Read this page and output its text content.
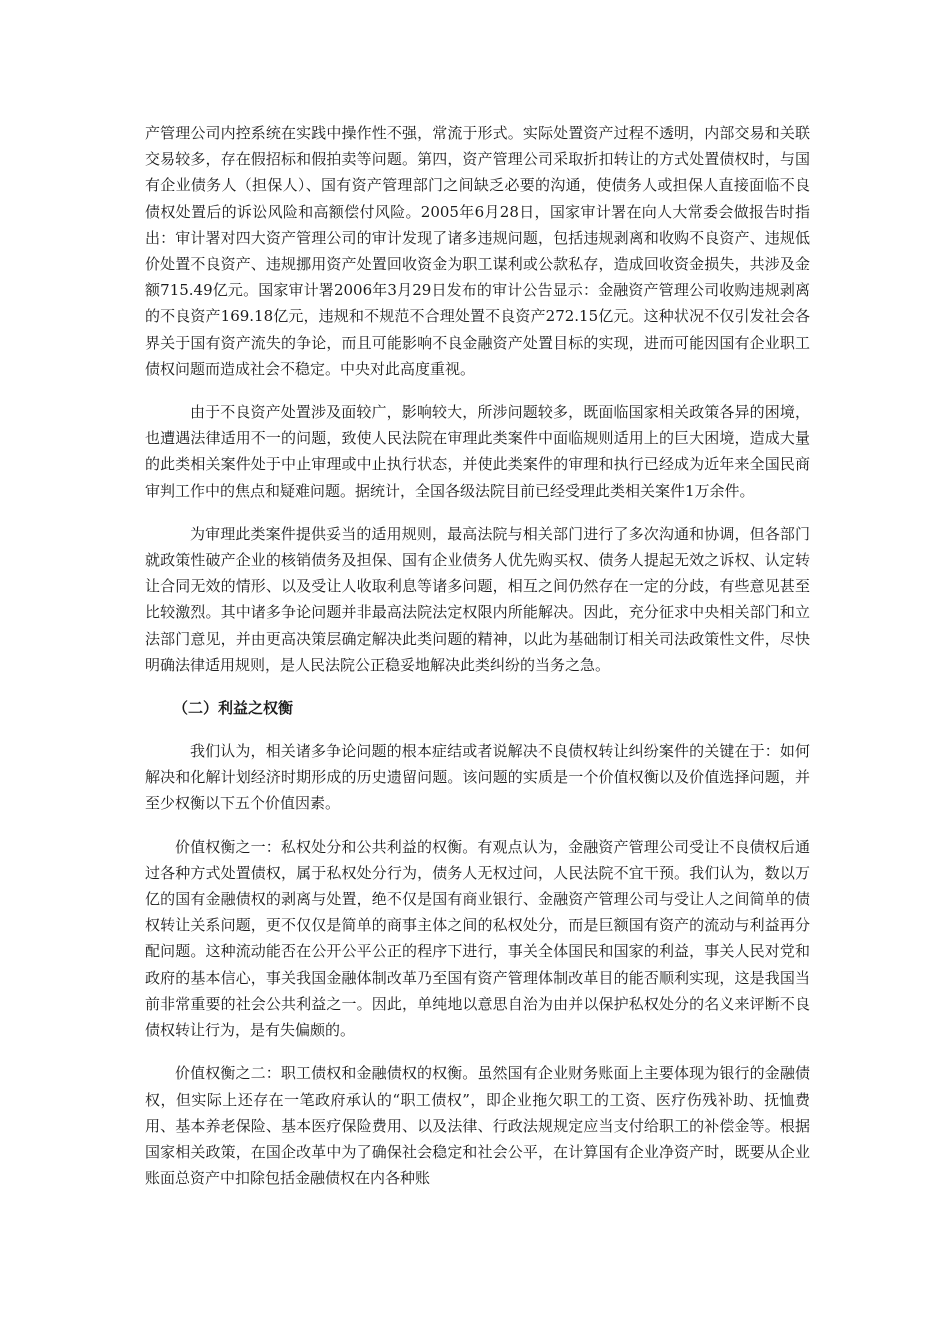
产管理公司内控系统在实践中操作性不强，常流于形式。实际处置资产过程不透明，内部交易和关联交易较多，存在假招标和假拍卖等问题。第四，资产管理公司采取折扣转让的方式处置债权时，与国有企业债务人（担保人）、国有资产管理部门之间缺乏必要的沟通，使债务人或担保人直接面临不良债权处置后的诉讼风险和高额偿付风险。2005年6月28日，国家审计署在向人大常委会做报告时指出：审计署对四大资产管理公司的审计发现了诸多违规问题，包括违规剥离和收购不良资产、违规低价处置不良资产、违规挪用资产处置回收资金为职工谋利或公款私存，造成回收资金损失，共涉及金额715.49亿元。国家审计署2006年3月29日发布的审计公告显示：金融资产管理公司收购违规剥离的不良资产169.18亿元，违规和不规范不合理处置不良资产272.15亿元。这种状况不仅引发社会各界关于国有资产流失的争论，而且可能影响不良金融资产处置目标的实现，进而可能因国有企业职工债权问题而造成社会不稳定。中央对此高度重视。

由于不良资产处置涉及面较广，影响较大，所涉问题较多，既面临国家相关政策各异的困境，也遭遇法律适用不一的问题，致使人民法院在审理此类案件中面临规则适用上的巨大困境，造成大量的此类相关案件处于中止审理或中止执行状态，并使此类案件的审理和执行已经成为近年来全国民商审判工作中的焦点和疑难问题。据统计，全国各级法院目前已经受理此类相关案件1万余件。

为审理此类案件提供妥当的适用规则，最高法院与相关部门进行了多次沟通和协调，但各部门就政策性破产企业的核销债务及担保、国有企业债务人优先购买权、债务人提起无效之诉权、认定转让合同无效的情形、以及受让人收取利息等诸多问题，相互之间仍然存在一定的分歧，有些意见甚至比较激烈。其中诸多争论问题并非最高法院法定权限内所能解决。因此，充分征求中央相关部门和立法部门意见，并由更高决策层确定解决此类问题的精神，以此为基础制订相关司法政策性文件，尽快明确法律适用规则，是人民法院公正稳妥地解决此类纠纷的当务之急。

（二）利益之权衡

我们认为，相关诸多争论问题的根本症结或者说解决不良债权转让纠纷案件的关键在于：如何解决和化解计划经济时期形成的历史遗留问题。该问题的实质是一个价值权衡以及价值选择问题，并至少权衡以下五个价值因素。

价值权衡之一：私权处分和公共利益的权衡。有观点认为，金融资产管理公司受让不良债权后通过各种方式处置债权，属于私权处分行为，债务人无权过问，人民法院不宜干预。我们认为，数以万亿的国有金融债权的剥离与处置，绝不仅是国有商业银行、金融资产管理公司与受让人之间简单的债权转让关系问题，更不仅仅是简单的商事主体之间的私权处分，而是巨额国有资产的流动与利益再分配问题。这种流动能否在公开公平公正的程序下进行，事关全体国民和国家的利益，事关人民对党和政府的基本信心，事关我国金融体制改革乃至国有资产管理体制改革目的能否顺利实现，这是我国当前非常重要的社会公共利益之一。因此，单纯地以意思自治为由并以保护私权处分的名义来评断不良债权转让行为，是有失偏颇的。

价值权衡之二：职工债权和金融债权的权衡。虽然国有企业财务账面上主要体现为银行的金融债权，但实际上还存在一笔政府承认的“职工债权”，即企业拖欠职工的工资、医疗伤残补助、抚恤费用、基本养老保险、基本医疗保险费用、以及法律、行政法规规定应当支付给职工的补偿金等。根据国家相关政策，在国企改革中为了确保社会稳定和社会公平，在计算国有企业净资产时，既要从企业账面总资产中扣除包括金融债权在内各种账
